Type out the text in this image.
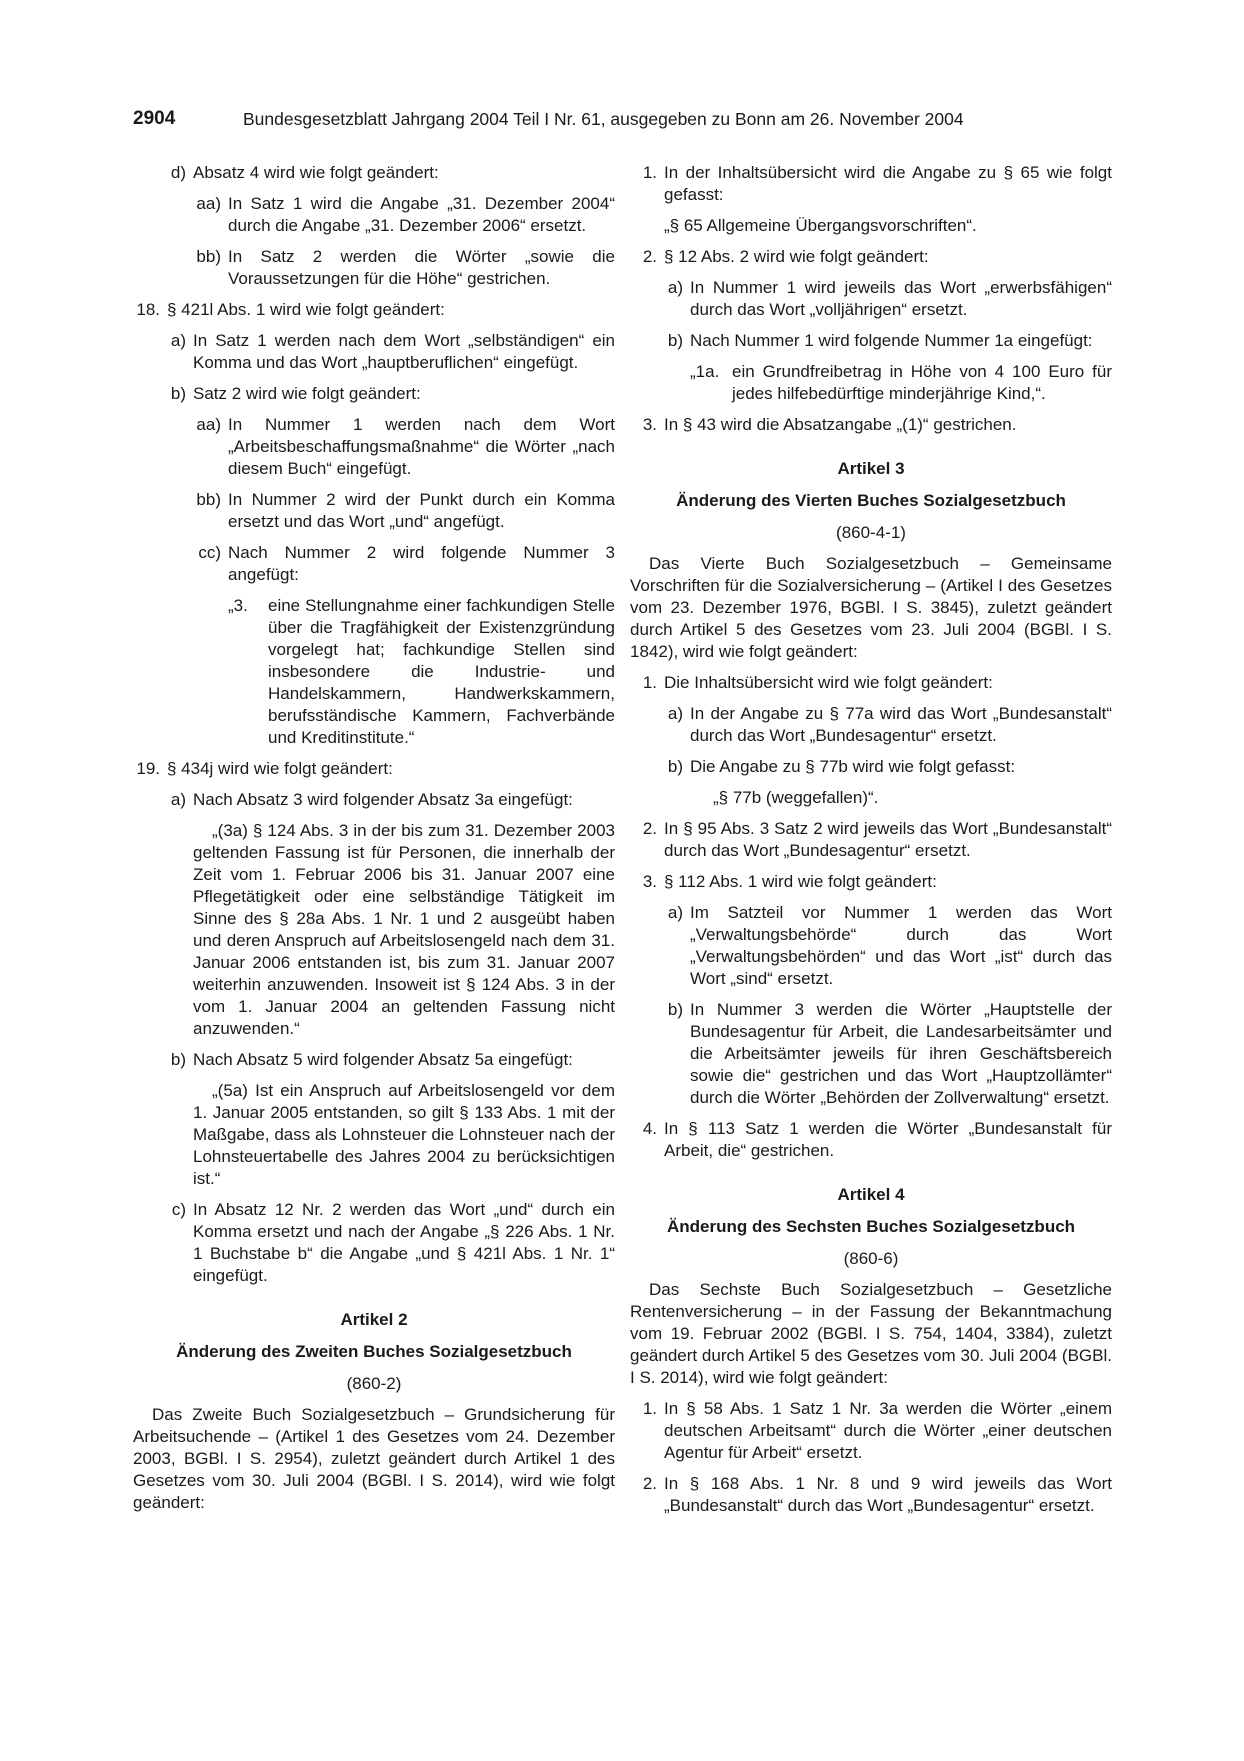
2904	Bundesgesetzblatt Jahrgang 2004 Teil I Nr. 61, ausgegeben zu Bonn am 26. November 2004
d) Absatz 4 wird wie folgt geändert:
aa) In Satz 1 wird die Angabe „31. Dezember 2004“ durch die Angabe „31. Dezember 2006“ ersetzt.
bb) In Satz 2 werden die Wörter „sowie die Voraussetzungen für die Höhe“ gestrichen.
18. § 421l Abs. 1 wird wie folgt geändert:
a) In Satz 1 werden nach dem Wort „selbständigen“ ein Komma und das Wort „hauptberuflichen“ eingefügt.
b) Satz 2 wird wie folgt geändert:
aa) In Nummer 1 werden nach dem Wort „Arbeitsbeschaffungsmaßnahme“ die Wörter „nach diesem Buch“ eingefügt.
bb) In Nummer 2 wird der Punkt durch ein Komma ersetzt und das Wort „und“ angefügt.
cc) Nach Nummer 2 wird folgende Nummer 3 angefügt:
„3.	eine Stellungnahme einer fachkundigen Stelle über die Tragfähigkeit der Existenzgründung vorgelegt hat; fachkundige Stellen sind insbesondere die Industrie- und Handelskammern, Handwerkskammern, berufsständische Kammern, Fachverbände und Kreditinstitute.“
19. § 434j wird wie folgt geändert:
a) Nach Absatz 3 wird folgender Absatz 3a eingefügt:
„(3a) § 124 Abs. 3 in der bis zum 31. Dezember 2003 geltenden Fassung ist für Personen, die innerhalb der Zeit vom 1. Februar 2006 bis 31. Januar 2007 eine Pflegetätigkeit oder eine selbständige Tätigkeit im Sinne des § 28a Abs. 1 Nr. 1 und 2 ausgeübt haben und deren Anspruch auf Arbeitslosengeld nach dem 31. Januar 2006 entstanden ist, bis zum 31. Januar 2007 weiterhin anzuwenden. Insoweit ist § 124 Abs. 3 in der vom 1. Januar 2004 an geltenden Fassung nicht anzuwenden.“
b) Nach Absatz 5 wird folgender Absatz 5a eingefügt:
„(5a) Ist ein Anspruch auf Arbeitslosengeld vor dem 1. Januar 2005 entstanden, so gilt § 133 Abs. 1 mit der Maßgabe, dass als Lohnsteuer die Lohnsteuer nach der Lohnsteuertabelle des Jahres 2004 zu berücksichtigen ist.“
c) In Absatz 12 Nr. 2 werden das Wort „und“ durch ein Komma ersetzt und nach der Angabe „§ 226 Abs. 1 Nr. 1 Buchstabe b“ die Angabe „und § 421l Abs. 1 Nr. 1“ eingefügt.
Artikel 2
Änderung des Zweiten Buches Sozialgesetzbuch
(860-2)
Das Zweite Buch Sozialgesetzbuch – Grundsicherung für Arbeitsuchende – (Artikel 1 des Gesetzes vom 24. Dezember 2003, BGBl. I S. 2954), zuletzt geändert durch Artikel 1 des Gesetzes vom 30. Juli 2004 (BGBl. I S. 2014), wird wie folgt geändert:
1. In der Inhaltsübersicht wird die Angabe zu § 65 wie folgt gefasst:
„§ 65 Allgemeine Übergangsvorschriften“.
2. § 12 Abs. 2 wird wie folgt geändert:
a) In Nummer 1 wird jeweils das Wort „erwerbsfähigen“ durch das Wort „volljährigen“ ersetzt.
b) Nach Nummer 1 wird folgende Nummer 1a eingefügt:
„1a. ein Grundfreibetrag in Höhe von 4 100 Euro für jedes hilfebedürftige minderjährige Kind,“.
3. In § 43 wird die Absatzangabe „(1)“ gestrichen.
Artikel 3
Änderung des Vierten Buches Sozialgesetzbuch
(860-4-1)
Das Vierte Buch Sozialgesetzbuch – Gemeinsame Vorschriften für die Sozialversicherung – (Artikel I des Gesetzes vom 23. Dezember 1976, BGBl. I S. 3845), zuletzt geändert durch Artikel 5 des Gesetzes vom 23. Juli 2004 (BGBl. I S. 1842), wird wie folgt geändert:
1. Die Inhaltsübersicht wird wie folgt geändert:
a) In der Angabe zu § 77a wird das Wort „Bundesanstalt“ durch das Wort „Bundesagentur“ ersetzt.
b) Die Angabe zu § 77b wird wie folgt gefasst:
„§ 77b (weggefallen)“.
2. In § 95 Abs. 3 Satz 2 wird jeweils das Wort „Bundesanstalt“ durch das Wort „Bundesagentur“ ersetzt.
3. § 112 Abs. 1 wird wie folgt geändert:
a) Im Satzteil vor Nummer 1 werden das Wort „Verwaltungsbehörde“ durch das Wort „Verwaltungsbehörden“ und das Wort „ist“ durch das Wort „sind“ ersetzt.
b) In Nummer 3 werden die Wörter „Hauptstelle der Bundesagentur für Arbeit, die Landesarbeitsämter und die Arbeitsämter jeweils für ihren Geschäftsbereich sowie die“ gestrichen und das Wort „Hauptzollämter“ durch die Wörter „Behörden der Zollverwaltung“ ersetzt.
4. In § 113 Satz 1 werden die Wörter „Bundesanstalt für Arbeit, die“ gestrichen.
Artikel 4
Änderung des Sechsten Buches Sozialgesetzbuch
(860-6)
Das Sechste Buch Sozialgesetzbuch – Gesetzliche Rentenversicherung – in der Fassung der Bekanntmachung vom 19. Februar 2002 (BGBl. I S. 754, 1404, 3384), zuletzt geändert durch Artikel 5 des Gesetzes vom 30. Juli 2004 (BGBl. I S. 2014), wird wie folgt geändert:
1. In § 58 Abs. 1 Satz 1 Nr. 3a werden die Wörter „einem deutschen Arbeitsamt“ durch die Wörter „einer deutschen Agentur für Arbeit“ ersetzt.
2. In § 168 Abs. 1 Nr. 8 und 9 wird jeweils das Wort „Bundesanstalt“ durch das Wort „Bundesagentur“ ersetzt.
